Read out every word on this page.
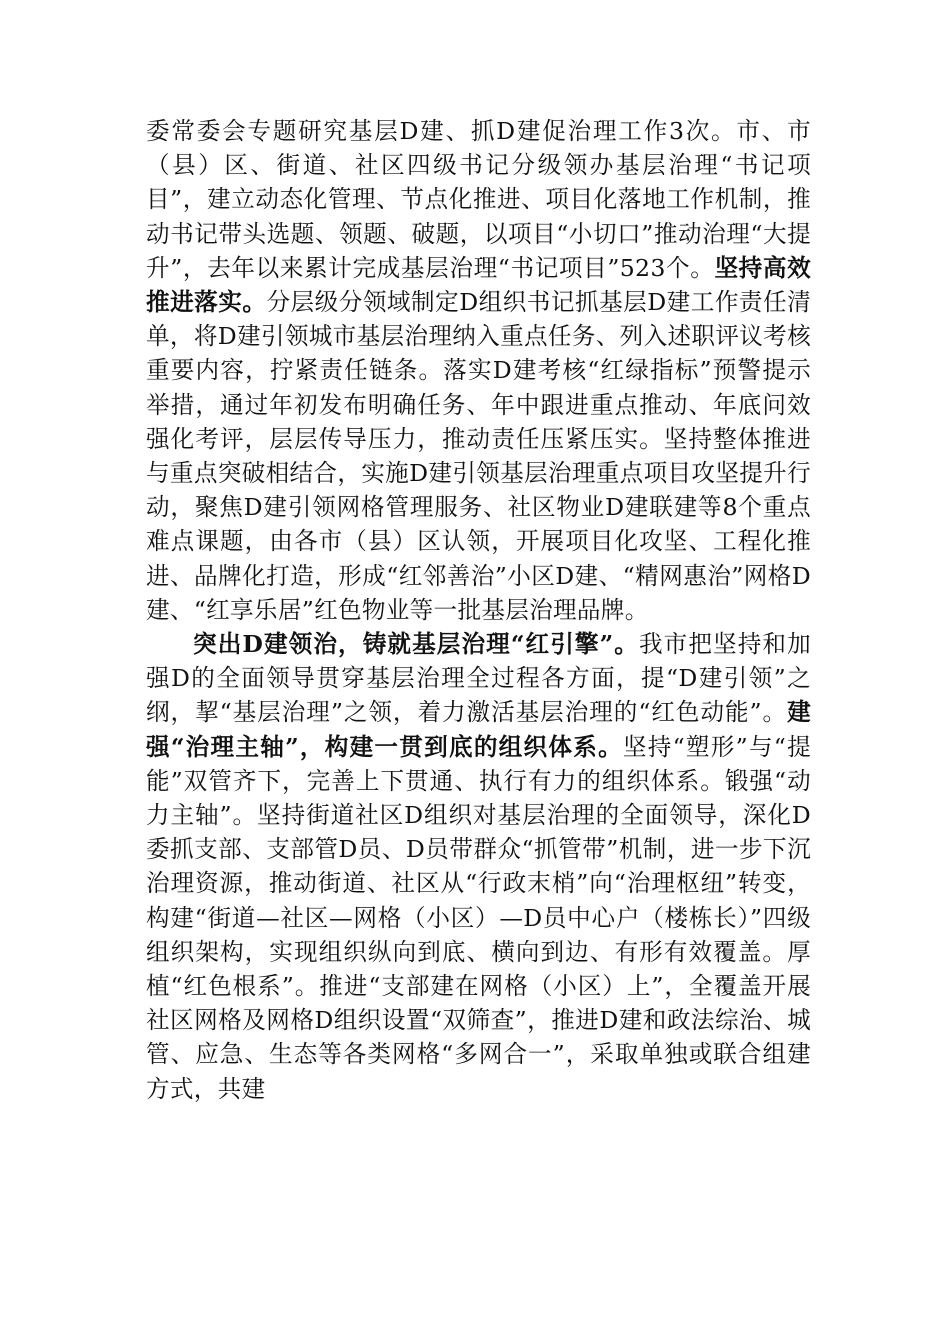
委常委会专题研究基层D建、抓D建促治理工作3次。市、市（县）区、街道、社区四级书记分级领办基层治理“书记项目”，建立动态化管理、节点化推进、项目化落地工作机制，推动书记带头选题、领题、破题，以项目“小切口”推动治理“大提升”，去年以来累计完成基层治理“书记项目”523个。坚持高效推进落实。分层级分领域制定D组织书记抓基层D建工作责任清单，将D建引领城市基层治理纳入重点任务、列入述职评议考核重要内容，拧紧责任链条。落实D建考核“红绿指标”预警提示举措，通过年初发布明确任务、年中跟进重点推动、年底问效强化考评，层层传导压力，推动责任压紧压实。坚持整体推进与重点突破相结合，实施D建引领基层治理重点项目攻坚提升行动，聚焦D建引领网格管理服务、社区物业D建联建等8个重点难点课题，由各市（县）区认领，开展项目化攻坚、工程化推进、品牌化打造，形成“红邻善治”小区D建、“精网惠治”网格D建、“红享乐居”红色物业等一批基层治理品牌。

突出D建领治，铸就基层治理“红引擎”。我市把坚持和加强D的全面领导贯穿基层治理全过程各方面，提“D建引领”之纲，挈“基层治理”之领，着力激活基层治理的“红色动能”。建强“治理主轴”，构建一贯到底的组织体系。坚持“塑形”与“提能”双管齐下，完善上下贯通、执行有力的组织体系。锻强“动力主轴”。坚持街道社区D组织对基层治理的全面领导，深化D委抓支部、支部管D员、D员带群众“抓管带”机制，进一步下沉治理资源，推动街道、社区从“行政末梢”向“治理枢纽”转变，构建“街道—社区—网格（小区）—D员中心户（楼栋长）”四级组织架构，实现组织纵向到底、横向到边、有形有效覆盖。厚植“红色根系”。推进“支部建在网格（小区）上”，全覆盖开展社区网格及网格D组织设置“双筛查”，推进D建和政法综治、城管、应急、生态等各类网格“多网合一”，采取单独或联合组建方式，共建
